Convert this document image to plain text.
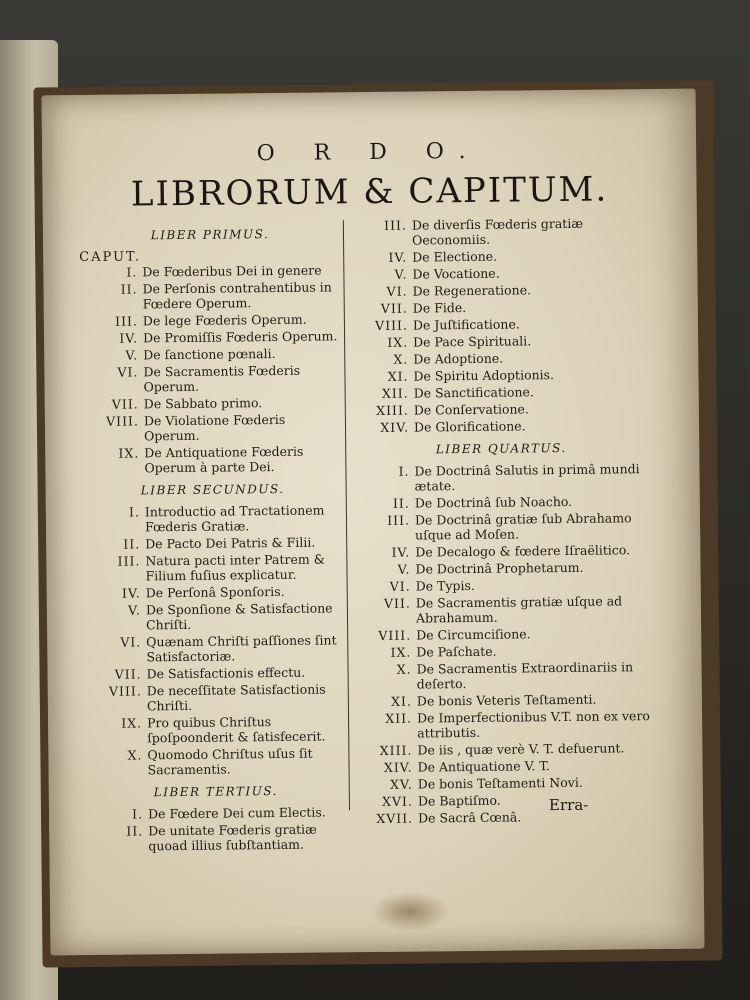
O R D O.
LIBRORUM & CAPITUM.
LIBER PRIMUS.
CAPUT.
I. De Fœderibus Dei in genere
II. De Perſonis contrahentibus in Fœdere Operum.
III. De lege Fœderis Operum.
IV. De Promiſſis Fœderis Operum.
V. De ſanctione pœnali.
VI. De Sacramentis Fœderis Operum.
VII. De Sabbato primo.
VIII. De Violatione Fœderis Operum.
IX. De Antiquatione Fœderis Operum à parte Dei.
LIBER SECUNDUS.
I. Introductio ad Tractationem Fœderis Gratiæ.
II. De Pacto Dei Patris & Filii.
III. Natura pacti inter Patrem & Filium fuſius explicatur.
IV. De Perſonâ Sponſoris.
V. De Sponſione & Satisfactione Chriſti.
VI. Quænam Chriſti paſſiones ſint Satisfactoriæ.
VII. De Satisfactionis effectu.
VIII. De neceſſitate Satisfactionis Chriſti.
IX. Pro quibus Chriſtus ſpoſpoonderit & ſatisfecerit.
X. Quomodo Chriſtus uſus ſit Sacramentis.
LIBER TERTIUS.
I. De Fœdere Dei cum Electis.
II. De unitate Fœderis gratiæ quoad illius ſubſtantiam.
III. De diverſis Fœderis gratiæ Oeconomiis.
IV. De Electione.
V. De Vocatione.
VI. De Regeneratione.
VII. De Fide.
VIII. De Juſtificatione.
IX. De Pace Spirituali.
X. De Adoptione.
XI. De Spiritu Adoptionis.
XII. De Sanctificatione.
XIII. De Conſervatione.
XIV. De Glorificatione.
LIBER QUARTUS.
I. De Doctrinâ Salutis in primâ mundi ætate.
II. De Doctrinâ ſub Noacho.
III. De Doctrinâ gratiæ ſub Abrahamo uſque ad Moſen.
IV. De Decalogo & fœdere Iſraëlitico.
V. De Doctrinâ Prophetarum.
VI. De Typis.
VII. De Sacramentis gratiæ uſque ad Abrahamum.
VIII. De Circumciſione.
IX. De Paſchate.
X. De Sacramentis Extraordinariis in deſerto.
XI. De bonis Veteris Teſtamenti.
XII. De Imperfectionibus V.T. non ex vero attributis.
XIII. De iis , quæ verè V. T. defuerunt.
XIV. De Antiquatione V. T.
XV. De bonis Teſtamenti Novi.
XVI. De Baptiſmo.
XVII. De Sacrâ Cœnâ.
Erra-
